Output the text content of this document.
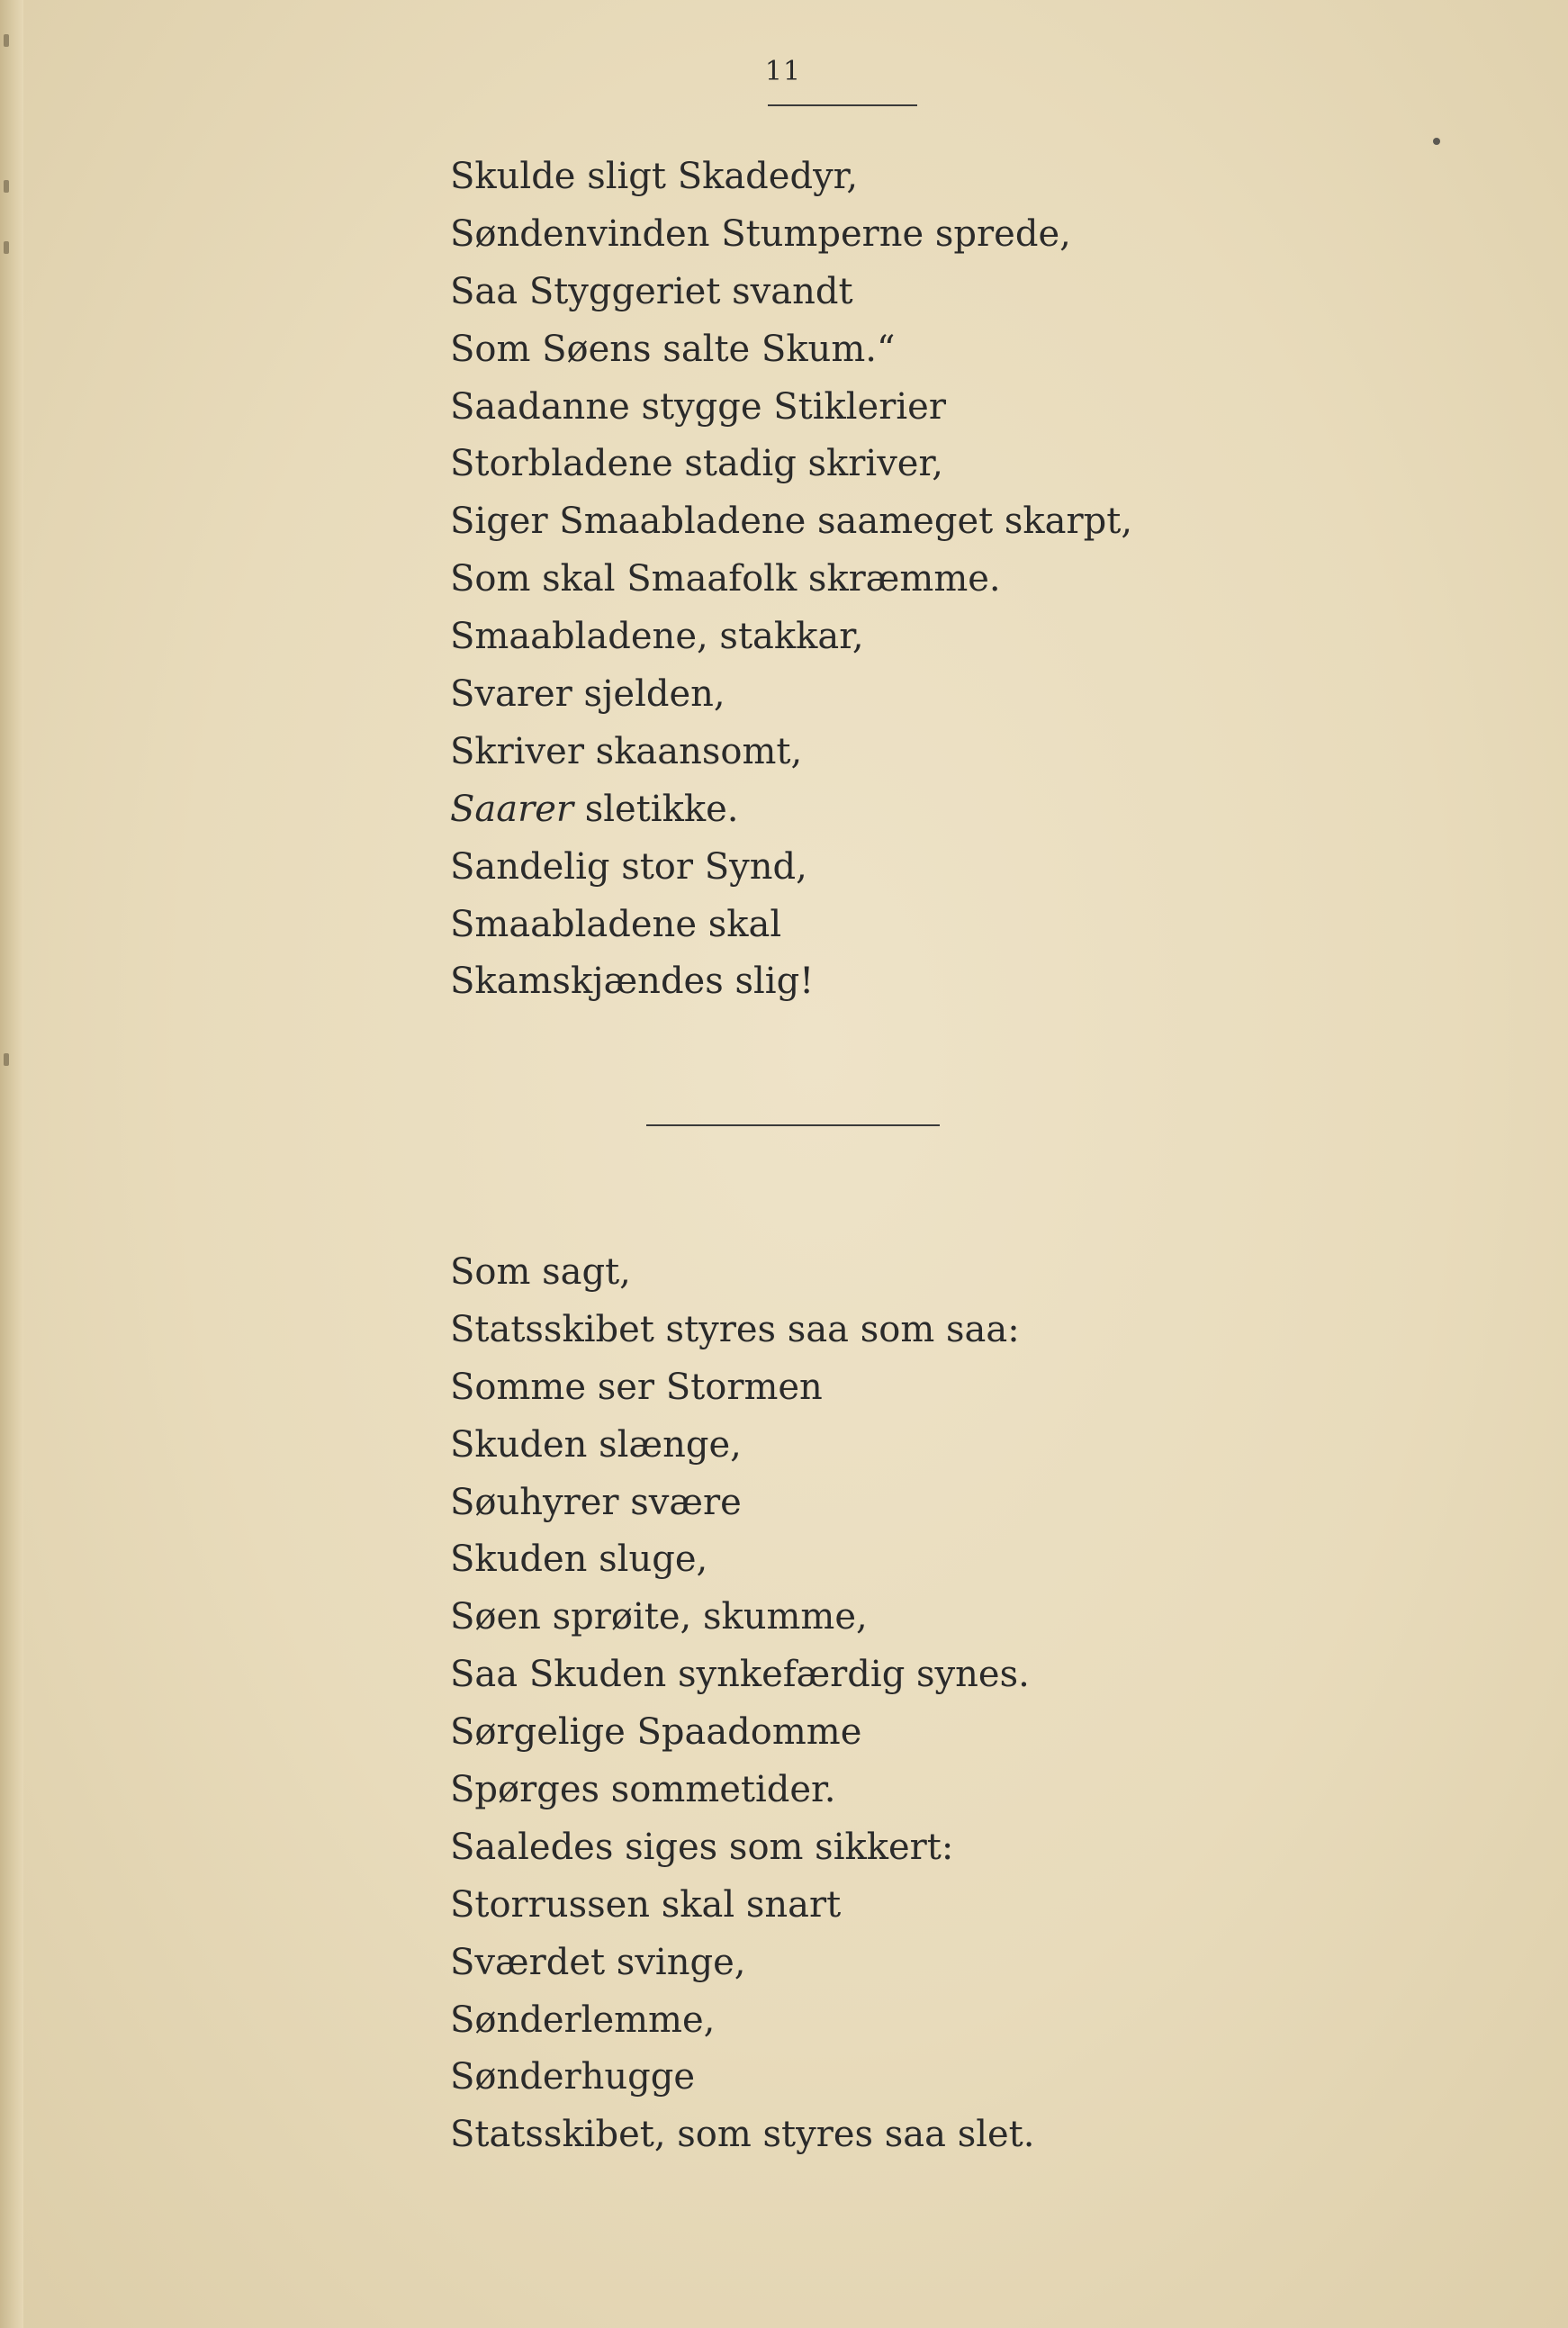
11
Skulde sligt Skadedyr,
Søndenvinden Stumperne sprede,
Saa Styggeriet svandt
Som Søens salte Skum.“
Saadanne stygge Stiklerier
Storbladene stadig skriver,
Siger Smaabladene saameget skarpt,
Som skal Smaafolk skræmme.
Smaabladene, stakkar,
Svarer sjelden,
Skriver skaansomt,
Saarer sletikke.
Sandelig stor Synd,
Smaabladene skal
Skamskjændes slig!
Som sagt,
Statsskibet styres saa som saa:
Somme ser Stormen
Skuden slænge,
Søuhyrer svære
Skuden sluge,
Søen sprøite, skumme,
Saa Skuden synkefærdig synes.
Sørgelige Spaadomme
Spørges sommetider.
Saaledes siges som sikkert:
Storrussen skal snart
Sværdet svinge,
Sønderlemme,
Sønderhugge
Statsskibet, som styres saa slet.
